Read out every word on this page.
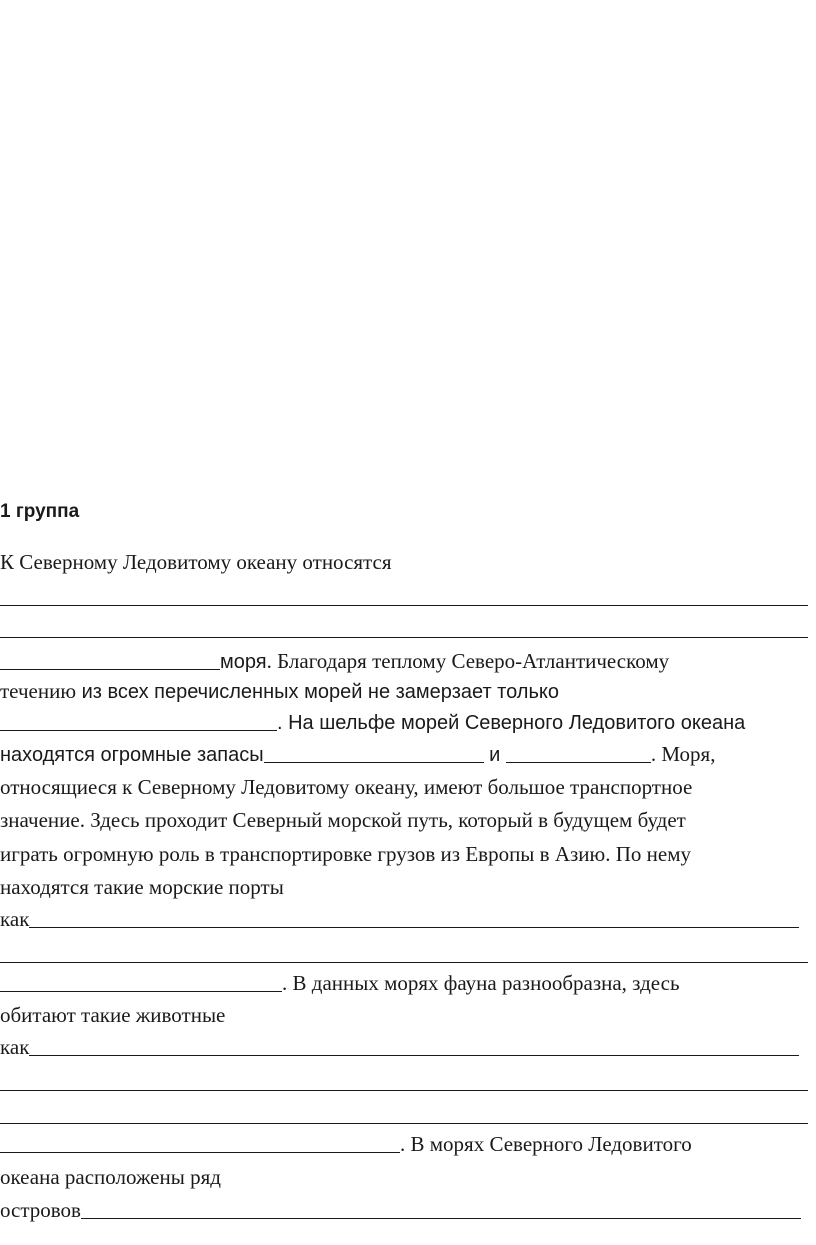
1 группа
К Северному Ледовитому океану относятся
моря. Благодаря теплому Северо-Атлантическому
течению из всех перечисленных морей не замерзает только
. На шельфе морей Северного Ледовитого океана
находятся огромные запасы	и	. Моря,
относящиеся к Северному Ледовитому океану, имеют большое транспортное
значение. Здесь проходит Северный морской путь, который в будущем будет
играть огромную роль в транспортировке грузов из Европы в Азию. По нему
находятся такие морские порты
как
. В данных морях фауна разнообразна, здесь
обитают такие животные
как
. В морях Северного Ледовитого
океана расположены ряд
островов
